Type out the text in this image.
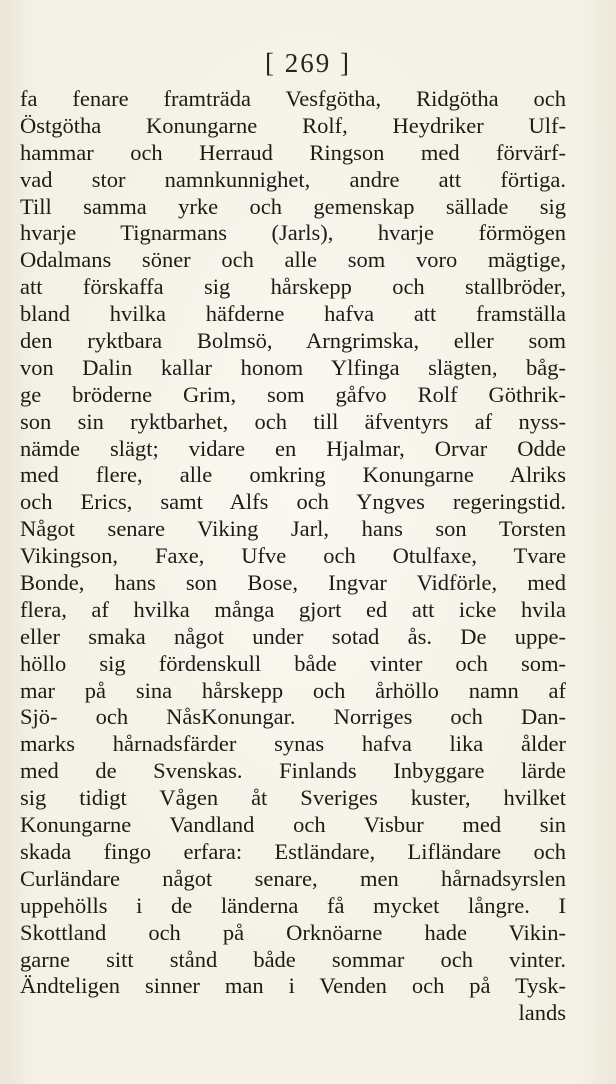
[ 269 ]
fa fenare framträda Vesfgötha, Ridgötha och
Östgötha Konungarne Rolf, Heydriker Ulf-
hammar och Herraud Ringson med förvärf-
vad stor namnkunnighet, andre att förtiga.
Till samma yrke och gemenskap sällade sig
hvarje Tignarmans (Jarls), hvarje förmögen
Odalmans söner och alle som voro mägtige,
att förskaffa sig hårskepp och stallbröder,
bland hvilka häfderne hafva att framställa
den ryktbara Bolmsö, Arngrimska, eller som
von Dalin kallar honom Ylfinga slägten, båg-
ge bröderne Grim, som gåfvo Rolf Göthrik-
son sin ryktbarhet, och till äfventyrs af nyss-
nämde slägt; vidare en Hjalmar, Orvar Odde
med flere, alle omkring Konungarne Alriks
och Erics, samt Alfs och Yngves regeringstid.
Något senare Viking Jarl, hans son Torsten
Vikingson, Faxe, Ufve och Otulfaxe, Tvare
Bonde, hans son Bose, Ingvar Vidförle, med
flera, af hvilka många gjort ed att icke hvila
eller smaka något under sotad ås. De uppe-
höllo sig fördenskull både vinter och som-
mar på sina hårskepp och århöllo namn af
Sjö- och NåsKonungar. Norriges och Dan-
marks hårnadsfärder synas hafva lika ålder
med de Svenskas. Finlands Inbyggare lärde
sig tidigt Vågen åt Sveriges kuster, hvilket
Konungarne Vandland och Visbur med sin
skada fingo erfara: Estländare, Lifländare och
Curländare något senare, men hårnadsyrslen
uppehölls i de länderna få mycket långre. I
Skottland och på Orknöarne hade Vikin-
garne sitt stånd både sommar och vinter.
Ändteligen sinner man i Venden och på Tysk-
lands
